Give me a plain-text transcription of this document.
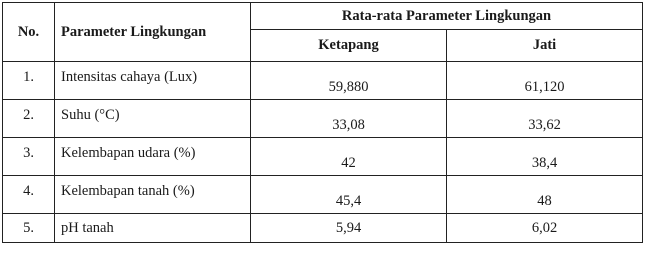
No.	Parameter Lingkungan	Rata-rata Parameter Lingkungan	
		Ketapang	Jati
1.	Intensitas cahaya (Lux)	59,880	61,120
2.	Suhu (°C)	33,08	33,62
3.	Kelembapan udara (%)	42	38,4
4.	Kelembapan tanah (%)	45,4	48
5.	pH tanah	5,94	6,02
